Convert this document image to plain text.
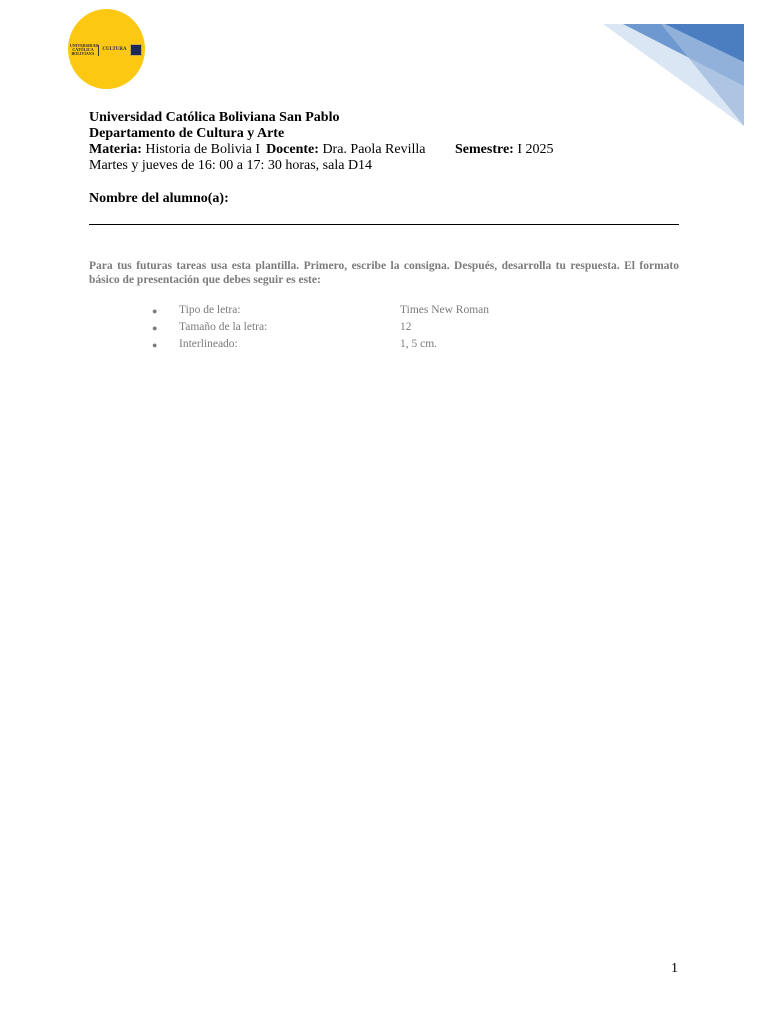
UNIVERSIDAD CATÓLICA BOLIVIANA
CULTURA
Universidad Católica Boliviana San Pablo
Departamento de Cultura y Arte
Materia: Historia de Bolivia I Docente: Dra. Paola Revilla Semestre: I 2025
Martes y jueves de 16: 00 a 17: 30 horas, sala D14
Nombre del alumno(a):
Para tus futuras tareas usa esta plantilla. Primero, escribe la consigna. Después, desarrolla tu respuesta. El formato básico de presentación que debes seguir es este:
● Tipo de letra:	Times New Roman
● Tamaño de la letra:	12
● Interlineado:	1, 5 cm.
1
